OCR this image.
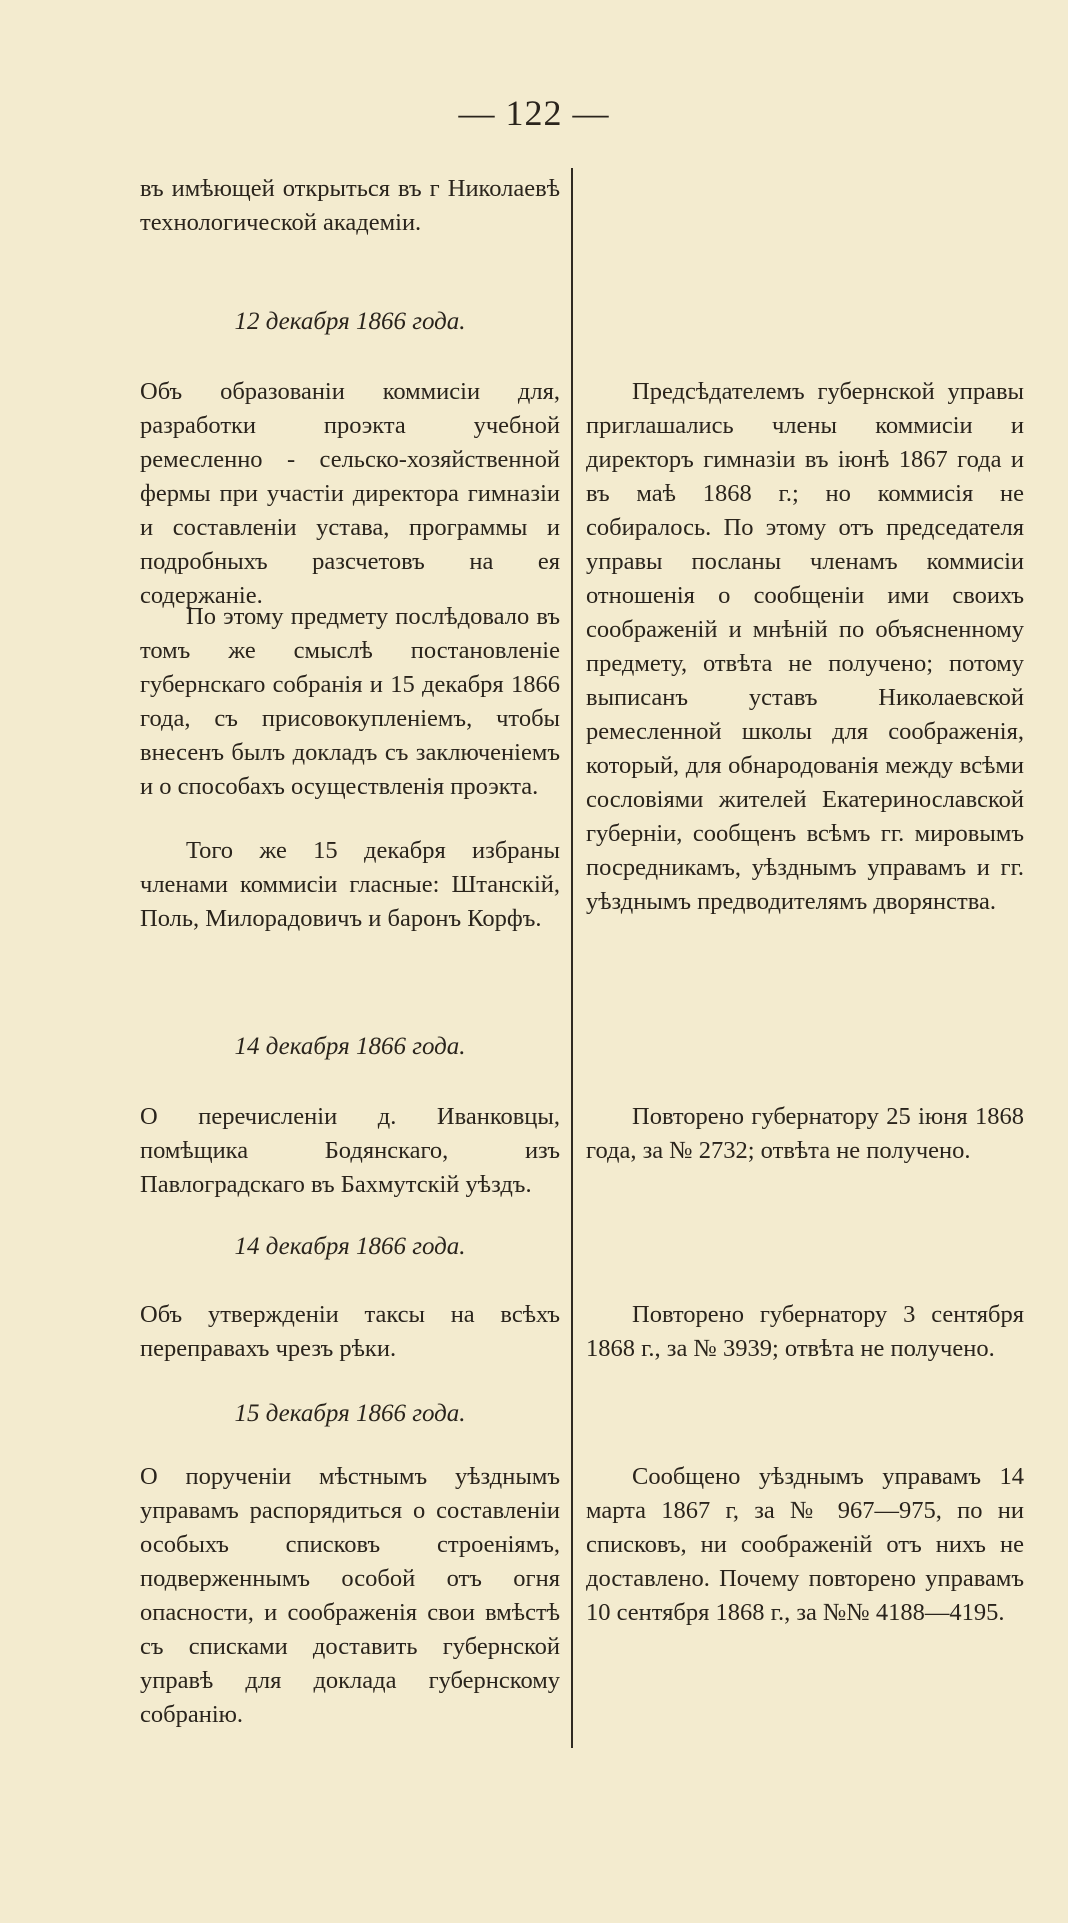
— 122 —

въ имѣющей открыться въ г Николаевѣ технологической академiи.

12 декабря 1866 года.

Объ образованiи коммисiи для, разработки проэкта учебной ремесленно - сельско-хозяйственной фермы при участiи директора гимназiи и составленiи устава, программы и подробныхъ разсчетовъ на ея содержанiе.

По этому предмету послѣдовало въ томъ же смыслѣ постановленiе губернскаго собранiя и 15 декабря 1866 года, съ присовокупленiемъ, чтобы внесенъ былъ докладъ съ заключенiемъ и о способахъ осуществленiя проэкта.

Того же 15 декабря избраны членами коммисiи гласные: Штанскiй, Поль, Милорадовичъ и баронъ Корфъ.

14 декабря 1866 года.

О перечисленiи д. Иванковцы, помѣщика Бодянскаго, изъ Павлоградскаго въ Бахмутскiй уѣздъ.

14 декабря 1866 года.

Объ утвержденiи таксы на всѣхъ переправахъ чрезъ рѣки.

15 декабря 1866 года.

О порученiи мѣстнымъ уѣзднымъ управамъ распорядиться о составленiи особыхъ списковъ строенiямъ, подверженнымъ особой отъ огня опасности, и соображенiя свои вмѣстѣ съ списками доставить губернской управѣ для доклада губернскому собранiю.

Предсѣдателемъ губернской управы приглашались члены коммисiи и директоръ гимназiи въ iюнѣ 1867 года и въ маѣ 1868 г.; но коммисiя не собиралось. По этому отъ председателя управы посланы членамъ коммисiи отношенiя о сообщенiи ими своихъ соображенiй и мнѣнiй по объясненному предмету, отвѣта не получено; потому выписанъ уставъ Николаевской ремесленной школы для соображенiя, который, для обнародованiя между всѣми сословiями жителей Екатеринославской губернiи, сообщенъ всѣмъ гг. мировымъ посредникамъ, уѣзднымъ управамъ и гг. уѣзднымъ предводителямъ дворянства.

Повторено губернатору 25 iюня 1868 года, за № 2732; отвѣта не получено.

Повторено губернатору 3 сентября 1868 г., за № 3939; отвѣта не получено.

Сообщено уѣзднымъ управамъ 14 марта 1867 г, за № 967—975, по ни списковъ, ни соображенiй отъ нихъ не доставлено. Почему повторено управамъ 10 сентября 1868 г., за №№ 4188—4195.
